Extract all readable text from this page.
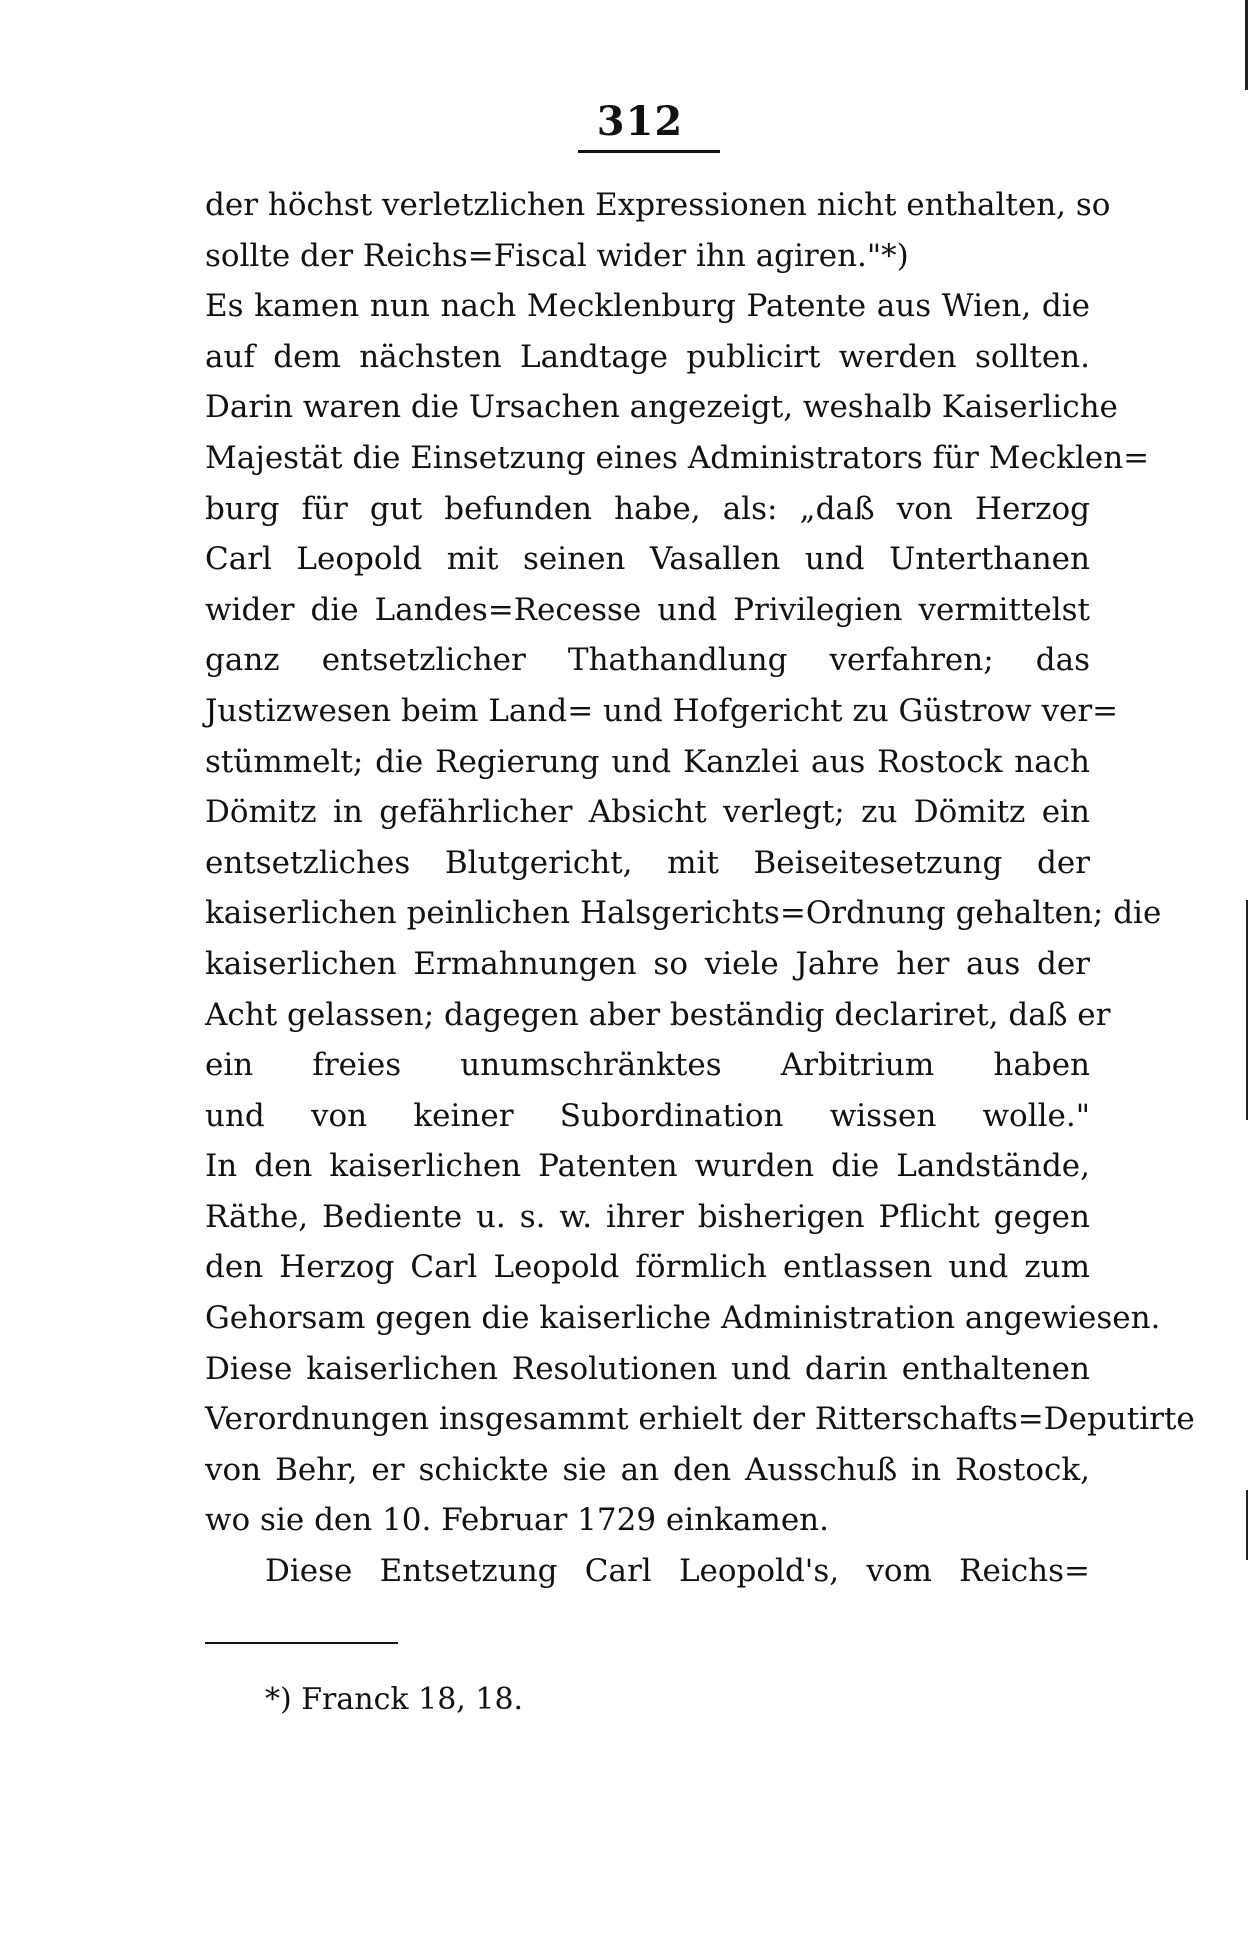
312
der höchst verletzlichen Expressionen nicht enthalten, so
sollte der Reichs=Fiscal wider ihn agiren."*)
Es kamen nun nach Mecklenburg Patente aus Wien, die
auf dem nächsten Landtage publicirt werden sollten.
Darin waren die Ursachen angezeigt, weshalb Kaiserliche
Majestät die Einsetzung eines Administrators für Mecklen=
burg für gut befunden habe, als: „daß von Herzog
Carl Leopold mit seinen Vasallen und Unterthanen
wider die Landes=Recesse und Privilegien vermittelst
ganz entsetzlicher Thathandlung verfahren; das
Justizwesen beim Land= und Hofgericht zu Güstrow ver=
stümmelt; die Regierung und Kanzlei aus Rostock nach
Dömitz in gefährlicher Absicht verlegt; zu Dömitz ein
entsetzliches Blutgericht, mit Beiseitesetzung der
kaiserlichen peinlichen Halsgerichts=Ordnung gehalten; die
kaiserlichen Ermahnungen so viele Jahre her aus der
Acht gelassen; dagegen aber beständig declariret, daß er
ein freies unumschränktes Arbitrium haben
und von keiner Subordination wissen wolle."
In den kaiserlichen Patenten wurden die Landstände,
Räthe, Bediente u. s. w. ihrer bisherigen Pflicht gegen
den Herzog Carl Leopold förmlich entlassen und zum
Gehorsam gegen die kaiserliche Administration angewiesen.
Diese kaiserlichen Resolutionen und darin enthaltenen
Verordnungen insgesammt erhielt der Ritterschafts=Deputirte
von Behr, er schickte sie an den Ausschuß in Rostock,
wo sie den 10. Februar 1729 einkamen.
Diese Entsetzung Carl Leopold's, vom Reichs=
*) Franck 18, 18.
